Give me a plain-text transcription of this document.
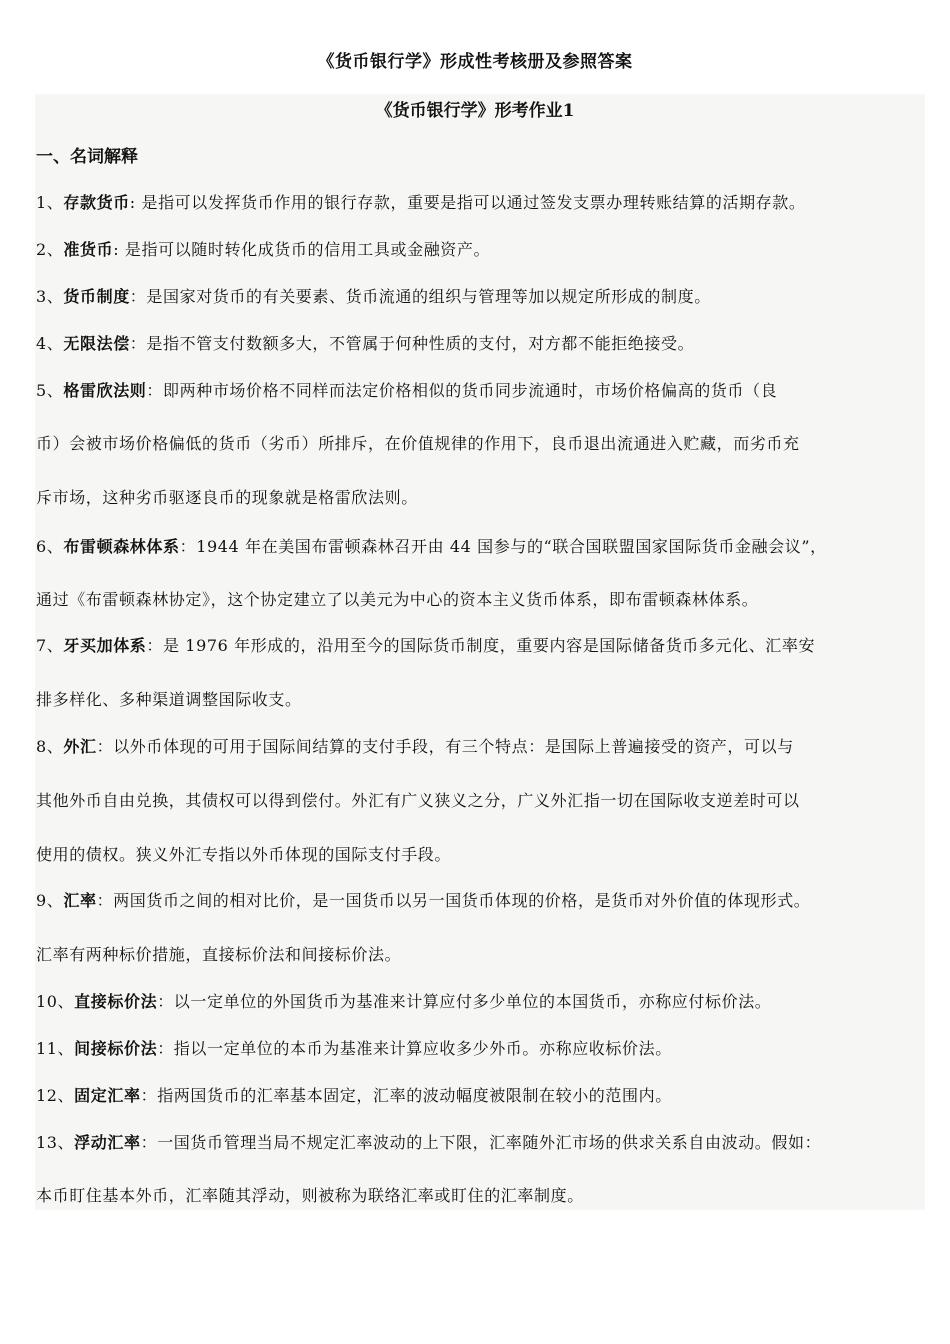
《货币银行学》形成性考核册及参照答案
《货币银行学》形考作业1
一、名词解释
1、存款货币: 是指可以发挥货币作用的银行存款，重要是指可以通过签发支票办理转账结算的活期存款。
2、准货币: 是指可以随时转化成货币的信用工具或金融资产。
3、货币制度：是国家对货币的有关要素、货币流通的组织与管理等加以规定所形成的制度。
4、无限法偿：是指不管支付数额多大，不管属于何种性质的支付，对方都不能拒绝接受。
5、格雷欣法则：即两种市场价格不同样而法定价格相似的货币同步流通时，市场价格偏高的货币（良
币）会被市场价格偏低的货币（劣币）所排斥，在价值规律的作用下，良币退出流通进入贮藏，而劣币充
斥市场，这种劣币驱逐良币的现象就是格雷欣法则。
6、布雷顿森林体系：1944 年在美国布雷顿森林召开由 44 国参与的“联合国联盟国家国际货币金融会议”，
通过《布雷顿森林协定》，这个协定建立了以美元为中心的资本主义货币体系，即布雷顿森林体系。
7、牙买加体系：是 1976 年形成的，沿用至今的国际货币制度，重要内容是国际储备货币多元化、汇率安
排多样化、多种渠道调整国际收支。
8、外汇：以外币体现的可用于国际间结算的支付手段，有三个特点：是国际上普遍接受的资产，可以与
其他外币自由兑换，其债权可以得到偿付。外汇有广义狭义之分，广义外汇指一切在国际收支逆差时可以
使用的债权。狭义外汇专指以外币体现的国际支付手段。
9、汇率：两国货币之间的相对比价，是一国货币以另一国货币体现的价格，是货币对外价值的体现形式。
汇率有两种标价措施，直接标价法和间接标价法。
10、直接标价法：以一定单位的外国货币为基准来计算应付多少单位的本国货币，亦称应付标价法。
11、间接标价法：指以一定单位的本币为基准来计算应收多少外币。亦称应收标价法。
12、固定汇率：指两国货币的汇率基本固定，汇率的波动幅度被限制在较小的范围内。
13、浮动汇率：一国货币管理当局不规定汇率波动的上下限，汇率随外汇市场的供求关系自由波动。假如：
本币盯住基本外币，汇率随其浮动，则被称为联络汇率或盯住的汇率制度。
